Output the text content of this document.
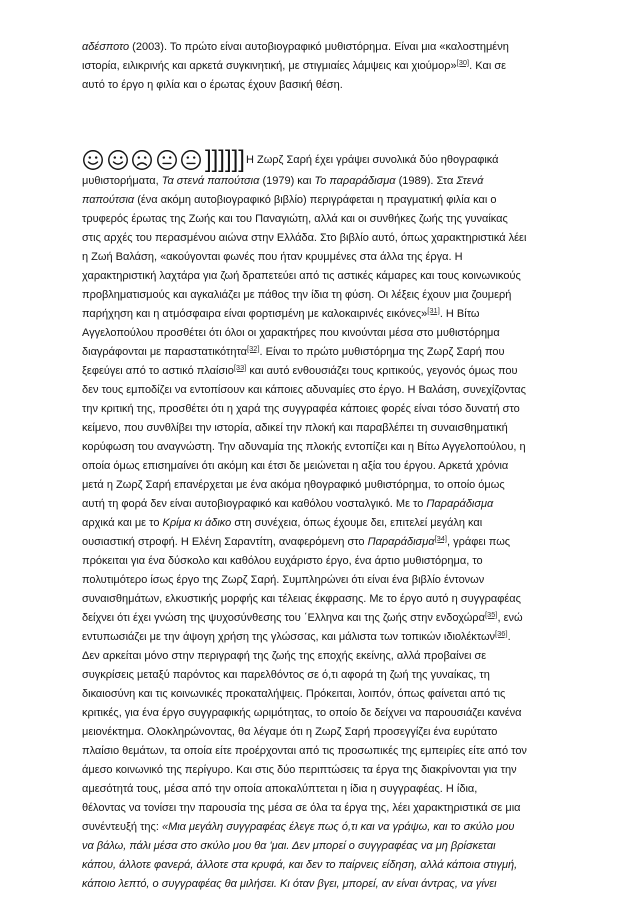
αδέσποτο (2003). Το πρώτο είναι αυτοβιογραφικό μυθιστόρημα. Είναι μια «καλοστημένη
ιστορία, ειλικρινής και αρκετά συγκινητική, με στιγμιαίες λάμψεις και χιούμορ»[30]. Και σε
αυτό το έργο η φιλία και ο έρωτας έχουν βασική θέση.

]]]]]] Η Ζωρζ Σαρή έχει γράψει συνολικά δύο ηθογραφικά

μυθιστορήματα, Τα στενά παπούτσια (1979) και Το παραράδισμα (1989). Στα Στενά
παπούτσια (ένα ακόμη αυτοβιογραφικό βιβλίο) περιγράφεται η πραγματική φιλία και ο
τρυφερός έρωτας της Ζωής και του Παναγιώτη, αλλά και οι συνθήκες ζωής της γυναίκας
στις αρχές του περασμένου αιώνα στην Ελλάδα. Στο βιβλίο αυτό, όπως χαρακτηριστικά λέει
η Ζωή Βαλάση, «ακούγονται φωνές που ήταν κρυμμένες στα άλλα της έργα. Η
χαρακτηριστική λαχτάρα για ζωή δραπετεύει από τις αστικές κάμαρες και τους κοινωνικούς
προβληματισμούς και αγκαλιάζει με πάθος την ίδια τη φύση. Οι λέξεις έχουν μια ζουμερή
παρήχηση και η ατμόσφαιρα είναι φορτισμένη με καλοκαιρινές εικόνες»[31]. Η Βίτω
Αγγελοπούλου προσθέτει ότι όλοι οι χαρακτήρες που κινούνται μέσα στο μυθιστόρημα
διαγράφονται με παραστατικότητα[32]. Είναι το πρώτο μυθιστόρημα της Ζωρζ Σαρή που
ξεφεύγει από το αστικό πλαίσιο[33] και αυτό ενθουσιάζει τους κριτικούς, γεγονός όμως που
δεν τους εμποδίζει να εντοπίσουν και κάποιες αδυναμίες στο έργο. Η Βαλάση, συνεχίζοντας
την κριτική της, προσθέτει ότι η χαρά της συγγραφέα κάποιες φορές είναι τόσο δυνατή στο
κείμενο, που συνθλίβει την ιστορία, αδικεί την πλοκή και παραβλέπει τη συναισθηματική
κορύφωση του αναγνώστη. Την αδυναμία της πλοκής εντοπίζει και η Βίτω Αγγελοπούλου, η
οποία όμως επισημαίνει ότι ακόμη και έτσι δε μειώνεται η αξία του έργου. Αρκετά χρόνια
μετά η Ζωρζ Σαρή επανέρχεται με ένα ακόμα ηθογραφικό μυθιστόρημα, το οποίο όμως
αυτή τη φορά δεν είναι αυτοβιογραφικό και καθόλου νοσταλγικό. Με το Παραράδισμα
αρχικά και με το Κρίμα κι άδικο στη συνέχεια, όπως έχουμε δει, επιτελεί μεγάλη και
ουσιαστική στροφή. Η Ελένη Σαραντίτη, αναφερόμενη στο Παραράδισμα[34], γράφει πως
πρόκειται για ένα δύσκολο και καθόλου ευχάριστο έργο, ένα άρτιο μυθιστόρημα, το
πολυτιμότερο ίσως έργο της Ζωρζ Σαρή. Συμπληρώνει ότι είναι ένα βιβλίο έντονων
συναισθημάτων, ελκυστικής μορφής και τέλειας έκφρασης. Με το έργο αυτό η συγγραφέας
δείχνει ότι έχει γνώση της ψυχοσύνθεσης του ΄Ελληνα και της ζωής στην ενδοχώρα[35], ενώ
εντυπωσιάζει με την άψογη χρήση της γλώσσας, και μάλιστα των τοπικών ιδιολέκτων[36].
Δεν αρκείται μόνο στην περιγραφή της ζωής της εποχής εκείνης, αλλά προβαίνει σε
συγκρίσεις μεταξύ παρόντος και παρελθόντος σε ό,τι αφορά τη ζωή της γυναίκας, τη
δικαιοσύνη και τις κοινωνικές προκαταλήψεις. Πρόκειται, λοιπόν, όπως φαίνεται από τις
κριτικές, για ένα έργο συγγραφικής ωριμότητας, το οποίο δε δείχνει να παρουσιάζει κανένα
μειονέκτημα. Ολοκληρώνοντας, θα λέγαμε ότι η Ζωρζ Σαρή προσεγγίζει ένα ευρύτατο
πλαίσιο θεμάτων, τα οποία είτε προέρχονται από τις προσωπικές της εμπειρίες είτε από τον
άμεσο κοινωνικό της περίγυρο. Και στις δύο περιπτώσεις τα έργα της διακρίνονται για την
αμεσότητά τους, μέσα από την οποία αποκαλύπτεται η ίδια η συγγραφέας. Η ίδια,
θέλοντας να τονίσει την παρουσία της μέσα σε όλα τα έργα της, λέει χαρακτηριστικά σε μια
συνέντευξή της: «Μια μεγάλη συγγραφέας έλεγε πως ό,τι και να γράψω, και το σκύλο μου
να βάλω, πάλι μέσα στο σκύλο μου θα 'μαι. Δεν μπορεί ο συγγραφέας να μη βρίσκεται
κάπου, άλλοτε φανερά, άλλοτε στα κρυφά, και δεν το παίρνεις είδηση, αλλά κάποια στιγμή,
κάποιο λεπτό, ο συγγραφέας θα μιλήσει. Κι όταν βγει, μπορεί, αν είναι άντρας, να γίνει
